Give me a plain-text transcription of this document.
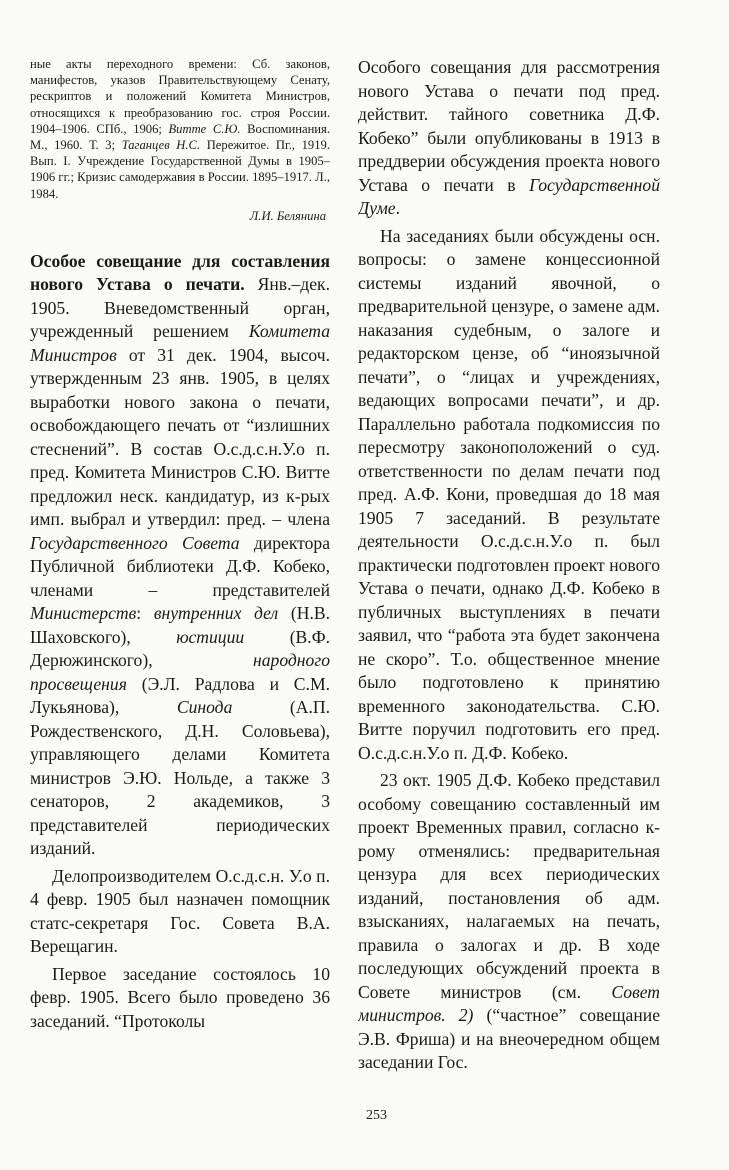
ные акты переходного времени: Сб. законов, манифестов, указов Правительствующему Сенату, рескриптов и положений Комитета Министров, относящихся к преобразованию гос. строя России. 1904–1906. СПб., 1906; Витте С.Ю. Воспоминания. М., 1960. Т. 3; Таганцев Н.С. Пережитое. Пг., 1919. Вып. I. Учреждение Государственной Думы в 1905–1906 гг.; Кризис самодержавия в России. 1895–1917. Л., 1984.

Л.И. Белянина

Особое совещание для составления нового Устава о печати. Янв.–дек. 1905. Вневедомственный орган, учрежденный решением Комитета Министров от 31 дек. 1904, высоч. утвержденным 23 янв. 1905, в целях выработки нового закона о печати, освобождающего печать от “излишних стеснений”. В состав О.с.д.с.н.У.о п. пред. Комитета Министров С.Ю. Витте предложил неск. кандидатур, из к-рых имп. выбрал и утвердил: пред. – члена Государственного Совета директора Публичной библиотеки Д.Ф. Кобеко, членами – представителей Министерств: внутренних дел (Н.В. Шаховского), юстиции (В.Ф. Дерюжинского), народного просвещения (Э.Л. Радлова и С.М. Лукьянова), Синода (А.П. Рождественского, Д.Н. Соловьева), управляющего делами Комитета министров Э.Ю. Нольде, а также 3 сенаторов, 2 академиков, 3 представителей периодических изданий.

Делопроизводителем О.с.д.с.н. У.о п. 4 февр. 1905 был назначен помощник статс-секретаря Гос. Совета В.А. Верещагин.

Первое заседание состоялось 10 февр. 1905. Всего было проведено 36 заседаний. “Протоколы

Особого совещания для рассмотрения нового Устава о печати под пред. действит. тайного советника Д.Ф. Кобеко” были опубликованы в 1913 в преддверии обсуждения проекта нового Устава о печати в Государственной Думе.

На заседаниях были обсуждены осн. вопросы: о замене концессионной системы изданий явочной, о предварительной цензуре, о замене адм. наказания судебным, о залоге и редакторском цензе, об “иноязычной печати”, о “лицах и учреждениях, ведающих вопросами печати”, и др. Параллельно работала подкомиссия по пересмотру законоположений о суд. ответственности по делам печати под пред. А.Ф. Кони, проведшая до 18 мая 1905 7 заседаний. В результате деятельности О.с.д.с.н.У.о п. был практически подготовлен проект нового Устава о печати, однако Д.Ф. Кобеко в публичных выступлениях в печати заявил, что “работа эта будет закончена не скоро”. Т.о. общественное мнение было подготовлено к принятию временного законодательства. С.Ю. Витте поручил подготовить его пред. О.с.д.с.н.У.о п. Д.Ф. Кобеко.

23 окт. 1905 Д.Ф. Кобеко представил особому совещанию составленный им проект Временных правил, согласно к-рому отменялись: предварительная цензура для всех периодических изданий, постановления об адм. взысканиях, налагаемых на печать, правила о залогах и др. В ходе последующих обсуждений проекта в Совете министров (см. Совет министров. 2) (“частное” совещание Э.В. Фриша) и на внеочередном общем заседании Гос.

253
